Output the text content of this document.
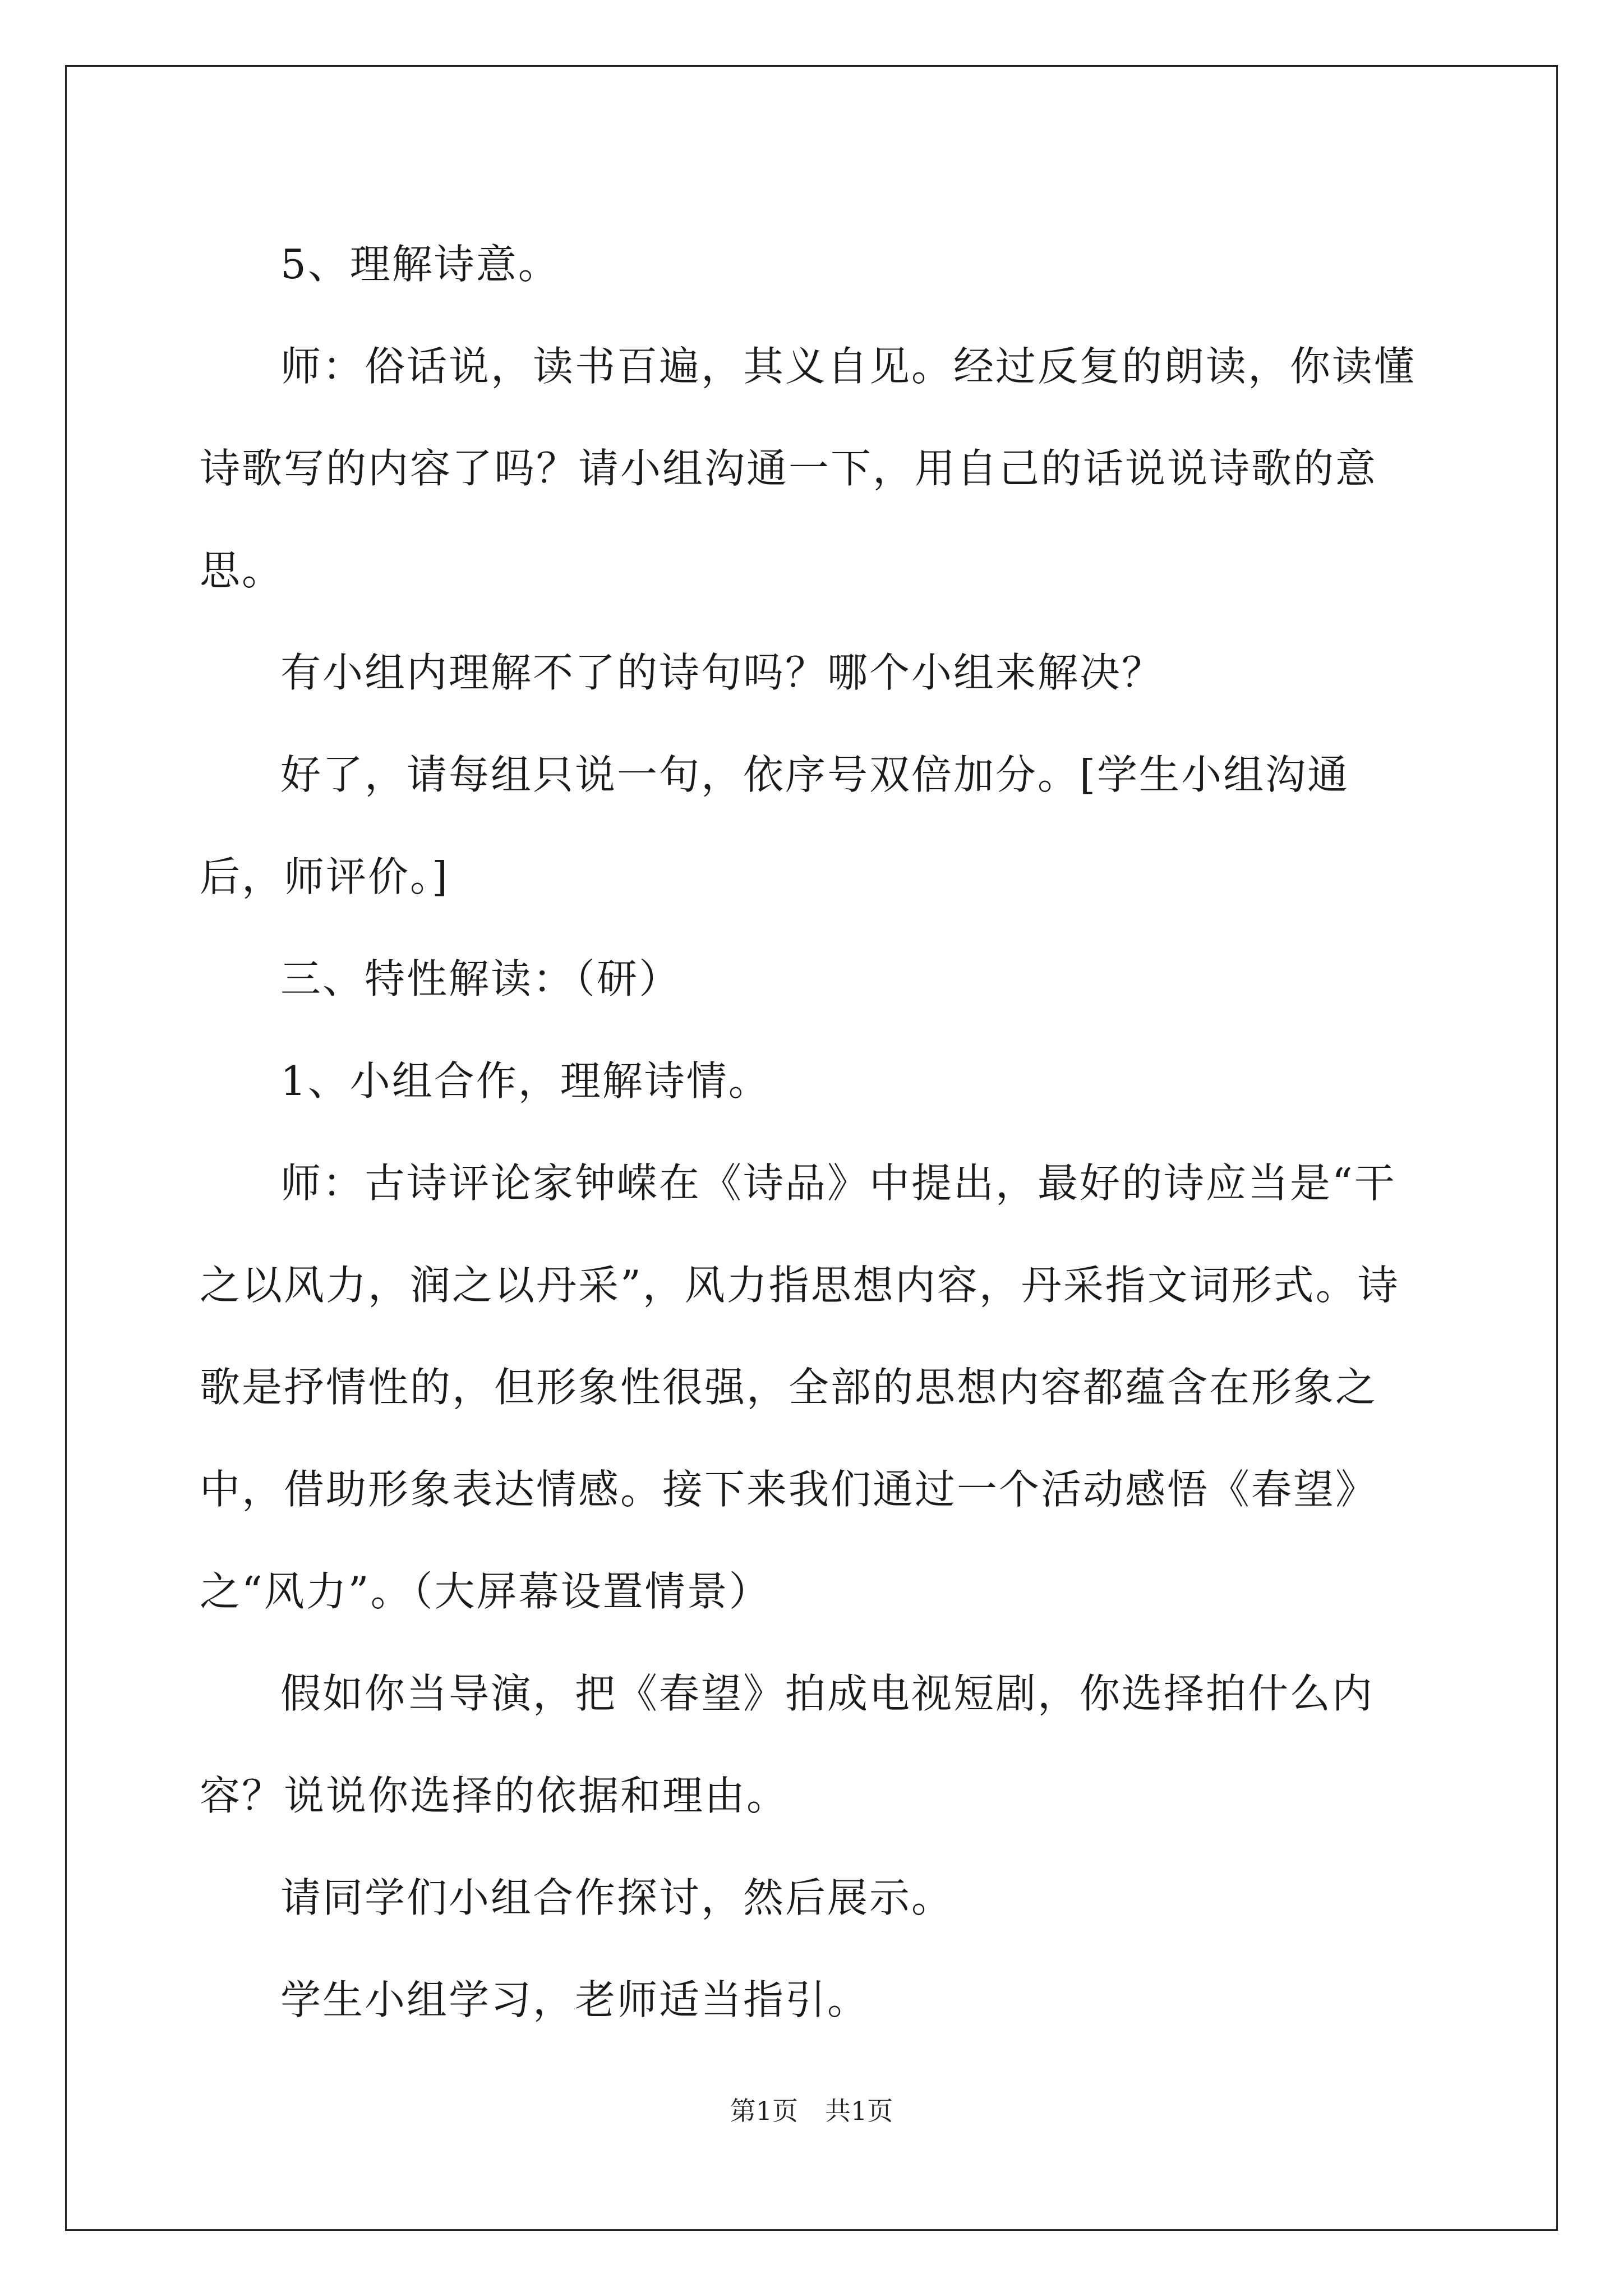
5、理解诗意。

师：俗话说，读书百遍，其义自见。经过反复的朗读，你读懂诗歌写的内容了吗？请小组沟通一下，用自己的话说说诗歌的意思。

有小组内理解不了的诗句吗？哪个小组来解决？

好了，请每组只说一句，依序号双倍加分。[学生小组沟通后，师评价。]

三、特性解读：（研）

1、小组合作，理解诗情。

师：古诗评论家钟嵘在《诗品》中提出，最好的诗应当是“干之以风力，润之以丹采”，风力指思想内容，丹采指文词形式。诗歌是抒情性的，但形象性很强，全部的思想内容都蕴含在形象之中，借助形象表达情感。接下来我们通过一个活动感悟《春望》之“风力”。（大屏幕设置情景）

假如你当导演，把《春望》拍成电视短剧，你选择拍什么内容？说说你选择的依据和理由。

请同学们小组合作探讨，然后展示。

学生小组学习，老师适当指引。

第1页 共1页
